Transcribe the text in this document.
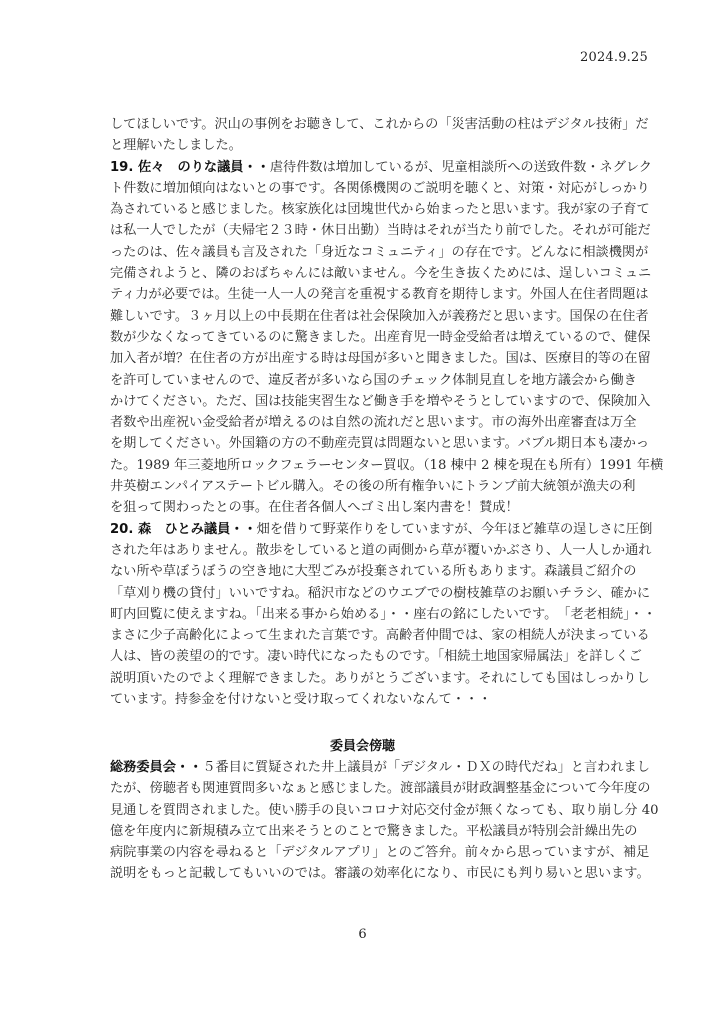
2024.9.25
してほしいです。沢山の事例をお聴きして、これからの「災害活動の柱はデジタル技術」だ
と理解いたしました。
19. 佐々　のりな議員・・虐待件数は増加しているが、児童相談所への送致件数・ネグレク
ト件数に増加傾向はないとの事です。各関係機関のご説明を聴くと、対策・対応がしっかり
為されていると感じました。核家族化は団塊世代から始まったと思います。我が家の子育て
は私一人でしたが（夫帰宅２３時・休日出勤）当時はそれが当たり前でした。それが可能だ
ったのは、佐々議員も言及された「身近なコミュニティ」の存在です。どんなに相談機関が
完備されようと、隣のおばちゃんには敵いません。今を生き抜くためには、逞しいコミュニ
ティ力が必要では。生徒一人一人の発言を重視する教育を期待します。外国人在住者問題は
難しいです。３ヶ月以上の中長期在住者は社会保険加入が義務だと思います。国保の在住者
数が少なくなってきているのに驚きました。出産育児一時金受給者は増えているので、健保
加入者が増？在住者の方が出産する時は母国が多いと聞きました。国は、医療目的等の在留
を許可していませんので、違反者が多いなら国のチェック体制見直しを地方議会から働き
かけてください。ただ、国は技能実習生など働き手を増やそうとしていますので、保険加入
者数や出産祝い金受給者が増えるのは自然の流れだと思います。市の海外出産審査は万全
を期してください。外国籍の方の不動産売買は問題ないと思います。バブル期日本も凄かっ
た。1989 年三菱地所ロックフェラーセンター買収。（18 棟中 2 棟を現在も所有）1991 年横
井英樹エンパイアステートビル購入。その後の所有権争いにトランプ前大統領が漁夫の利
を狙って関わったとの事。在住者各個人へゴミ出し案内書を！賛成！
20. 森　ひとみ議員・・畑を借りて野菜作りをしていますが、今年ほど雑草の逞しさに圧倒
された年はありません。散歩をしていると道の両側から草が覆いかぶさり、人一人しか通れ
ない所や草ぼうぼうの空き地に大型ごみが投棄されている所もあります。森議員ご紹介の
「草刈り機の貸付」いいですね。稲沢市などのウエブでの樹枝雑草のお願いチラシ、確かに
町内回覧に使えますね。「出来る事から始める」・・座右の銘にしたいです。　「老老相続」・・
まさに少子高齢化によって生まれた言葉です。高齢者仲間では、家の相続人が決まっている
人は、皆の羨望の的です。凄い時代になったものです。「相続土地国家帰属法」を詳しくご
説明頂いたのでよく理解できました。ありがとうございます。それにしても国はしっかりし
ています。持参金を付けないと受け取ってくれないなんて・・・
委員会傍聴
総務委員会・・５番目に質疑された井上議員が「デジタル・ＤＸの時代だね」と言われまし
たが、傍聴者も関連質問多いなぁと感じました。渡部議員が財政調整基金について今年度の
見通しを質問されました。使い勝手の良いコロナ対応交付金が無くなっても、取り崩し分 40
億を年度内に新規積み立て出来そうとのことで驚きました。平松議員が特別会計繰出先の
病院事業の内容を尋ねると「デジタルアプリ」とのご答弁。前々から思っていますが、補足
説明をもっと記載してもいいのでは。審議の効率化になり、市民にも判り易いと思います。
6
